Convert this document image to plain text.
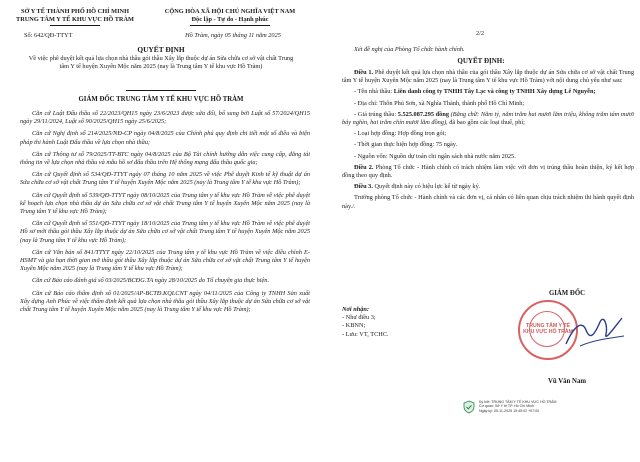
SỞ Y TẾ THÀNH PHỐ HỒ CHÍ MINH
TRUNG TÂM Y TẾ KHU VỰC HỒ TRÀM
CỘNG HÒA XÃ HỘI CHỦ NGHĨA VIỆT NAM
Độc lập - Tự do - Hạnh phúc
Số: 642/QĐ-TTYT	Hồ Tràm, ngày 05 tháng 11 năm 2025
QUYẾT ĐỊNH
Về việc phê duyệt kết quả lựa chọn nhà thầu gói thầu Xây lắp thuộc dự án Sửa chữa cơ sở vật chất Trung tâm Y tế huyện Xuyên Mộc năm 2025 (nay là Trung tâm Y tế khu vực Hồ Tràm)
GIÁM ĐỐC TRUNG TÂM Y TẾ KHU VỰC HỒ TRÀM
Căn cứ Luật Đấu thầu số 22/2023/QH15 ngày 23/6/2023 được sửa đổi, bổ sung bởi Luật số 57/2024/QH15 ngày 29/11/2024, Luật số 90/2025/QH15 ngày 25/6/2025;
Căn cứ Nghị định số 214/2025/NĐ-CP ngày 04/8/2025 của Chính phủ quy định chi tiết một số điều và biện pháp thi hành Luật Đấu thầu về lựa chọn nhà thầu;
Căn cứ Thông tư số 79/2025/TT-BTC ngày 04/8/2025 của Bộ Tài chính hướng dẫn việc cung cấp, đăng tải thông tin về lựa chọn nhà thầu và mẫu hồ sơ đấu thầu trên Hệ thống mạng đấu thầu quốc gia;
Căn cứ Quyết định số 534/QĐ-TTYT ngày 07 tháng 10 năm 2025 về việc Phê duyệt Kinh tế kỹ thuật dự án Sửa chữa cơ sở vật chất Trung tâm Y tế huyện Xuyên Mộc năm 2025 (nay là Trung tâm Y tế khu vực Hồ Tràm);
Căn cứ Quyết định số 539/QĐ-TTYT ngày 08/10/2025 của Trung tâm y tế khu vực Hồ Tràm về việc phê duyệt kế hoạch lựa chọn nhà thầu dự án Sửa chữa cơ sở vật chất Trung tâm Y tế huyện Xuyên Mộc năm 2025 (nay là Trung tâm Y tế khu vực Hồ Tràm);
Căn cứ Quyết định số 551/QĐ-TTYT ngày 18/10/2025 của Trung tâm y tế khu vực Hồ Tràm về việc phê duyệt Hồ sơ mời thầu gói thầu Xây lắp thuộc dự án Sửa chữa cơ sở vật chất Trung tâm Y tế huyện Xuyên Mộc năm 2025 (nay là Trung tâm Y tế khu vực Hồ Tràm);
Căn cứ Văn bản số 841/TTYT ngày 22/10/2025 của Trung tâm y tế khu vực Hồ Tràm về việc điều chỉnh E-HSMT và gia hạn thời gian mở thầu gói thầu Xây lắp thuộc dự án Sửa chữa cơ sở vật chất Trung tâm Y tế huyện Xuyên Mộc năm 2025 (nay là Trung tâm Y tế khu vực Hồ Tràm);
Căn cứ Báo cáo đánh giá số 03/2025/BCĐG.TA ngày 28/10/2025 do Tổ chuyên gia thực hiện.
Căn cứ Báo cáo thẩm định số 01/2025/AP-BCTĐ.KQLCNT ngày 04/11/2025 của Công ty TNHH Sản xuất Xây dựng Anh Phúc về việc thẩm định kết quả lựa chọn nhà thầu gói thầu Xây lắp thuộc dự án Sửa chữa cơ sở vật chất Trung tâm Y tế huyện Xuyên Mộc năm 2025 (nay là Trung tâm Y tế khu vực Hồ Tràm);
2/2
Xét đề nghị của Phòng Tổ chức hành chính.
QUYẾT ĐỊNH:
Điều 1. Phê duyệt kết quả lựa chọn nhà thầu của gói thầu Xây lắp thuộc dự án Sửa chữa cơ sở vật chất Trung tâm Y tế huyện Xuyên Mộc năm 2025 (nay là Trung tâm Y tế khu vực Hồ Tràm) với nội dung chủ yếu như sau:
- Tên nhà thầu: Liên danh công ty TNHH Tây Lạc và công ty TNHH Xây dựng Lê Nguyễn;
- Địa chỉ: Thôn Phú Sơn, xã Nghĩa Thành, thành phố Hồ Chí Minh;
- Giá trúng thầu: 5.525.087.295 đồng (Bằng chữ: Năm tỷ, năm trăm hai mươi lăm triệu, không trăm tám mươi bảy nghìn, hai trăm chín mươi lăm đồng), đã bao gồm các loại thuế, phí;
- Loại hợp đồng: Hợp đồng trọn gói;
- Thời gian thực hiện hợp đồng: 75 ngày.
- Nguồn vốn: Nguồn dự toán chi ngân sách nhà nước năm 2025.
Điều 2. Phòng Tổ chức - Hành chính có trách nhiệm làm việc với đơn vị trúng thầu hoàn thiện, ký kết hợp đồng theo quy định.
Điều 3. Quyết định này có hiệu lực kể từ ngày ký.
Trưởng phòng Tổ chức - Hành chính và các đơn vị, cá nhân có liên quan chịu trách nhiệm thi hành quyết định này./.
Nơi nhận:
- Như điều 3;
- KBNN;
- Lưu: VT, TCHC.
GIÁM ĐỐC
TRUNG TÂM Y TẾ KHU VỰC HỒ TRÀM
Vũ Văn Nam
Ký bởi: TRUNG TÂM Y TẾ KHU VỰC HỒ TRÀM
Cơ quan: Sở Y tế TP. Hồ Chí Minh
Ngày ký: 05-11-2025 15:45:02 +07:00
